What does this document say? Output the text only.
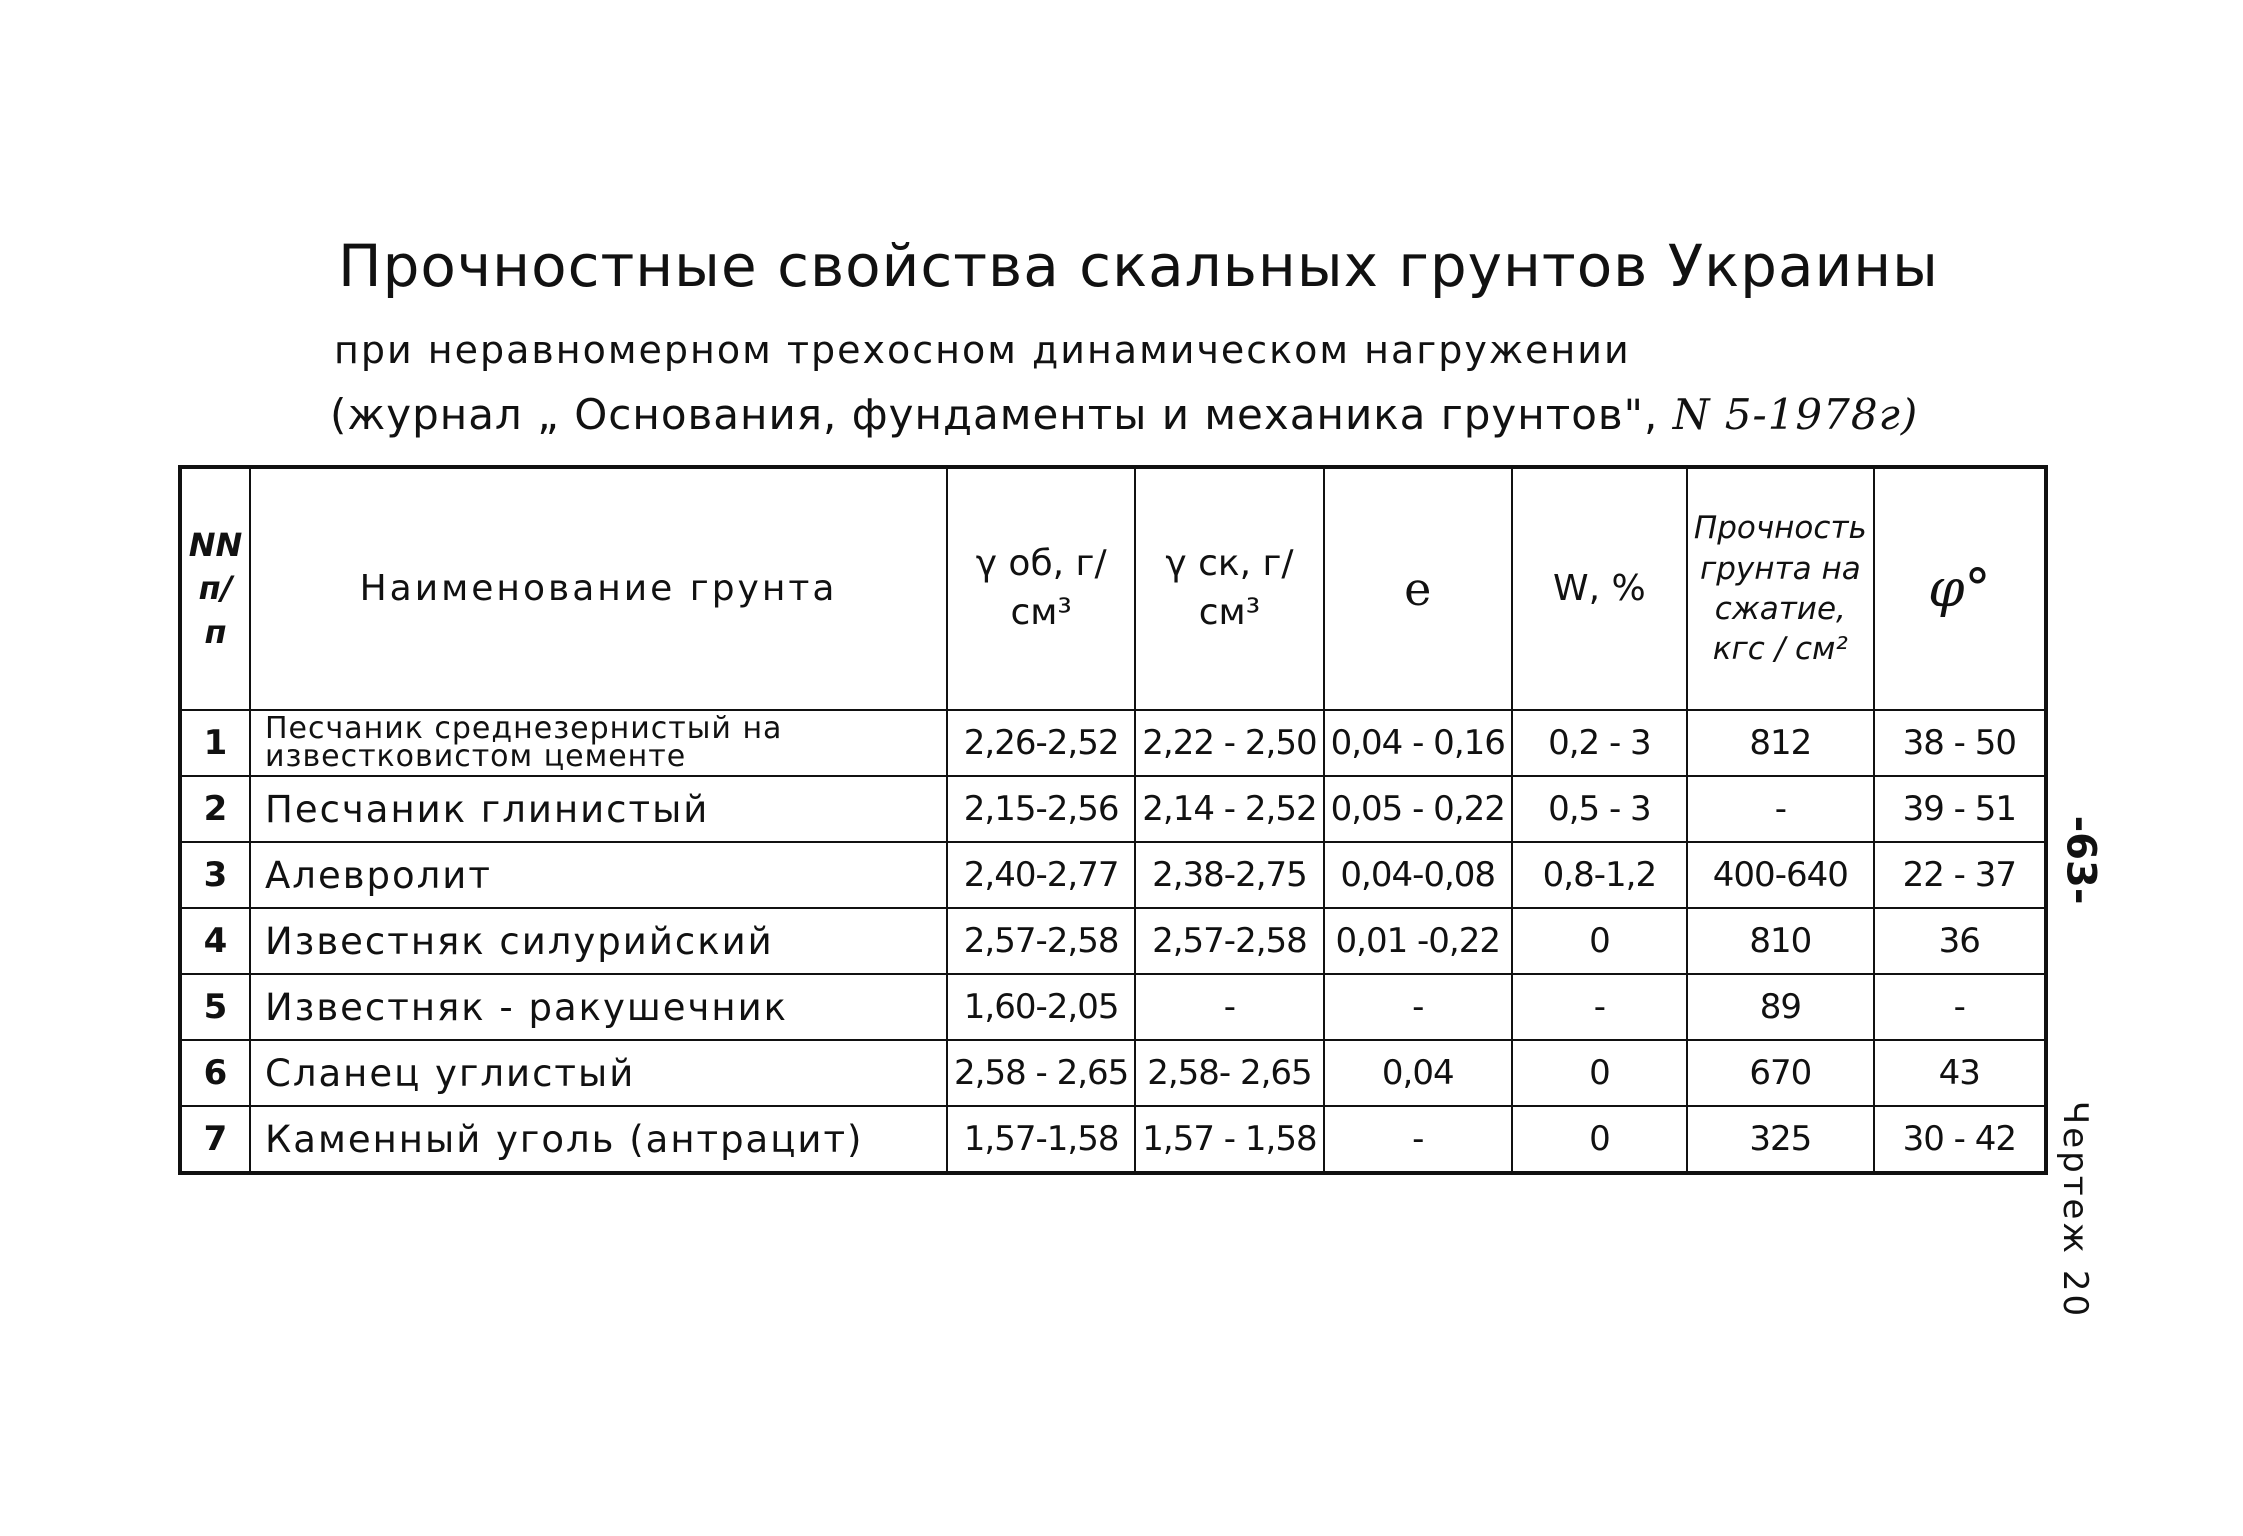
Прочностные свойства скальных грунтов Украины
при неравномерном трехосном динамическом нагружении
(журнал „ Основания, фундаменты и механика грунтов", N 5-1978г)
NN п/п	Наименование грунта	γ об, г/см³	γ ск, г/см³	e	W, %	Прочность грунта на сжатие, кгс / см²	φ°
1	Песчаник среднезернистый на известковистом цементе	2,26-2,52	2,22 - 2,50	0,04 - 0,16	0,2 - 3	812	38 - 50
2	Песчаник глинистый	2,15-2,56	2,14 - 2,52	0,05 - 0,22	0,5 - 3	-	39 - 51
3	Алевролит	2,40-2,77	2,38-2,75	0,04-0,08	0,8-1,2	400-640	22 - 37
4	Известняк силурийский	2,57-2,58	2,57-2,58	0,01 -0,22	0	810	36
5	Известняк - ракушечник	1,60-2,05	-	-	-	89	-
6	Сланец углистый	2,58 - 2,65	2,58- 2,65	0,04	0	670	43
7	Каменный уголь (антрацит)	1,57-1,58	1,57 - 1,58	-	0	325	30 - 42
-63-
Чертеж 20
